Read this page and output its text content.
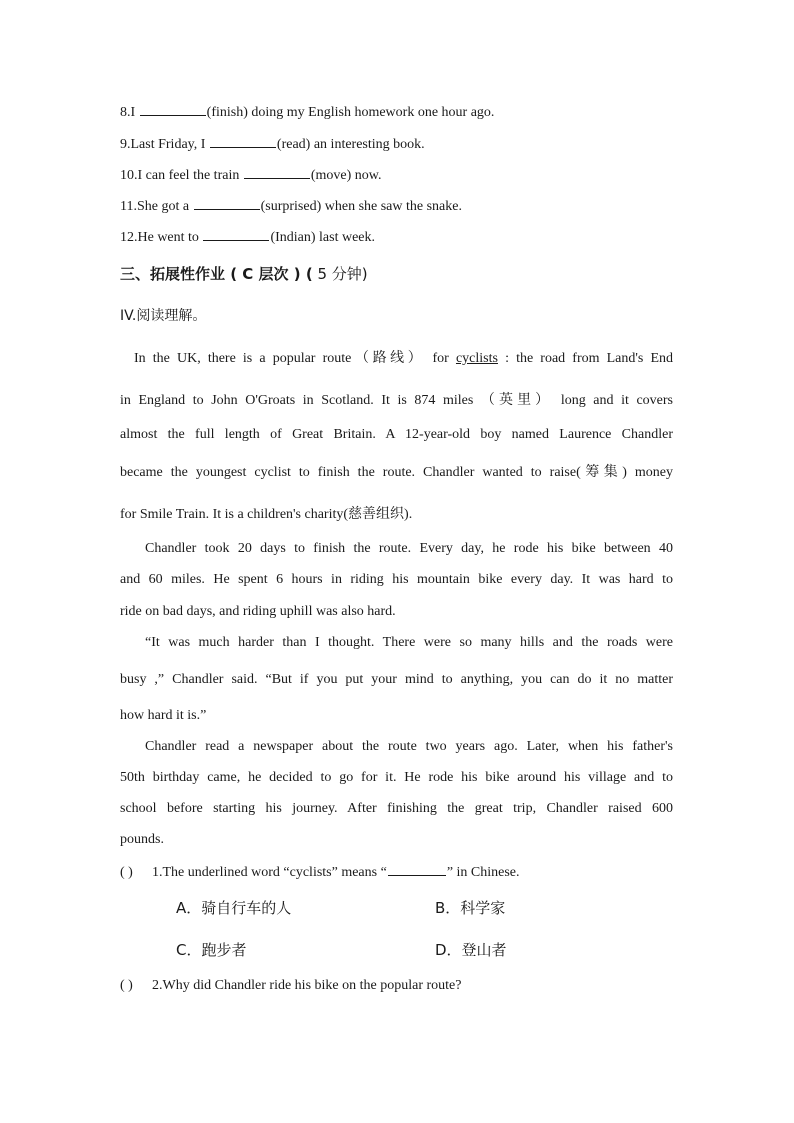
8.I	(finish) doing my English homework one hour ago.
9.Last Friday, I	(read) an interesting book.
10.I can feel the train	(move) now.
11.She got a	(surprised) when she saw the snake.
12.He went to	(Indian) last week.
三、拓展性作业 ( C 层次 ) ( 5 分钟)
IV.阅读理解。
In the UK, there is a popular route（路线） for cyclists : the road from Land's End
in England to John O'Groats in Scotland. It is 874 miles （英里） long and it covers
almost the full length of Great Britain. A 12-year-old boy named Laurence Chandler
became the youngest cyclist to finish the route. Chandler wanted to raise(筹集) money
for Smile Train. It is a children's charity(慈善组织).
Chandler took 20 days to finish the route. Every day, he rode his bike between 40
and 60 miles. He spent 6 hours in riding his mountain bike every day. It was hard to
ride on bad days, and riding uphill was also hard.
“It was much harder than I thought. There were so many hills and the roads were
busy ,” Chandler said. “But if you put your mind to anything, you can do it no matter
how hard it is.”
Chandler read a newspaper about the route two years ago. Later, when his father's
50th birthday came, he decided to go for it. He rode his bike around his village and to
school before starting his journey. After finishing the great trip, Chandler raised 600
pounds.
( ) 1.The underlined word “cyclists” means “	” in Chinese.
A．骑自行车的人	B．科学家
C．跑步者	D．登山者
( ) 2.Why did Chandler ride his bike on the popular route?
